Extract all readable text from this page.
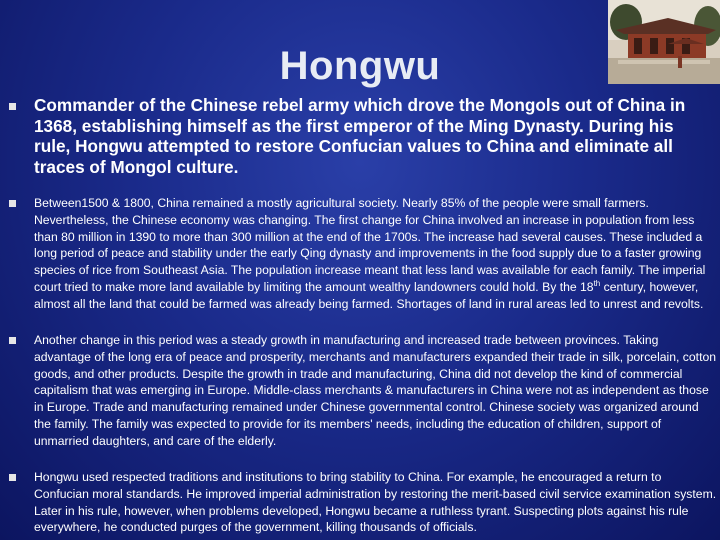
Hongwu
Commander of the Chinese rebel army which drove the Mongols out of China in 1368, establishing himself as the first emperor of the Ming Dynasty. During his rule, Hongwu attempted to restore Confucian values to China and eliminate all traces of Mongol culture.
Between1500 & 1800, China remained a mostly agricultural society. Nearly 85% of the people were small farmers. Nevertheless, the Chinese economy was changing. The first change for China involved an increase in population from less than 80 million in 1390 to more than 300 million at the end of the 1700s. The increase had several causes. These included a long period of peace and stability under the early Qing dynasty and improvements in the food supply due to a faster growing species of rice from Southeast Asia. The population increase meant that less land was available for each family. The imperial court tried to make more land available by limiting the amount wealthy landowners could hold. By the 18th century, however, almost all the land that could be farmed was already being farmed. Shortages of land in rural areas led to unrest and revolts.
Another change in this period was a steady growth in manufacturing and increased trade between provinces. Taking advantage of the long era of peace and prosperity, merchants and manufacturers expanded their trade in silk, porcelain, cotton goods, and other products. Despite the growth in trade and manufacturing, China did not develop the kind of commercial capitalism that was emerging in Europe. Middle-class merchants & manufacturers in China were not as independent as those in Europe. Trade and manufacturing remained under Chinese governmental control. Chinese society was organized around the family. The family was expected to provide for its members' needs, including the education of children, support of unmarried daughters, and care of the elderly.
Hongwu used respected traditions and institutions to bring stability to China. For example, he encouraged a return to Confucian moral standards. He improved imperial administration by restoring the merit-based civil service examination system. Later in his rule, however, when problems developed, Hongwu became a ruthless tyrant. Suspecting plots against his rule everywhere, he conducted purges of the government, killing thousands of officials.
